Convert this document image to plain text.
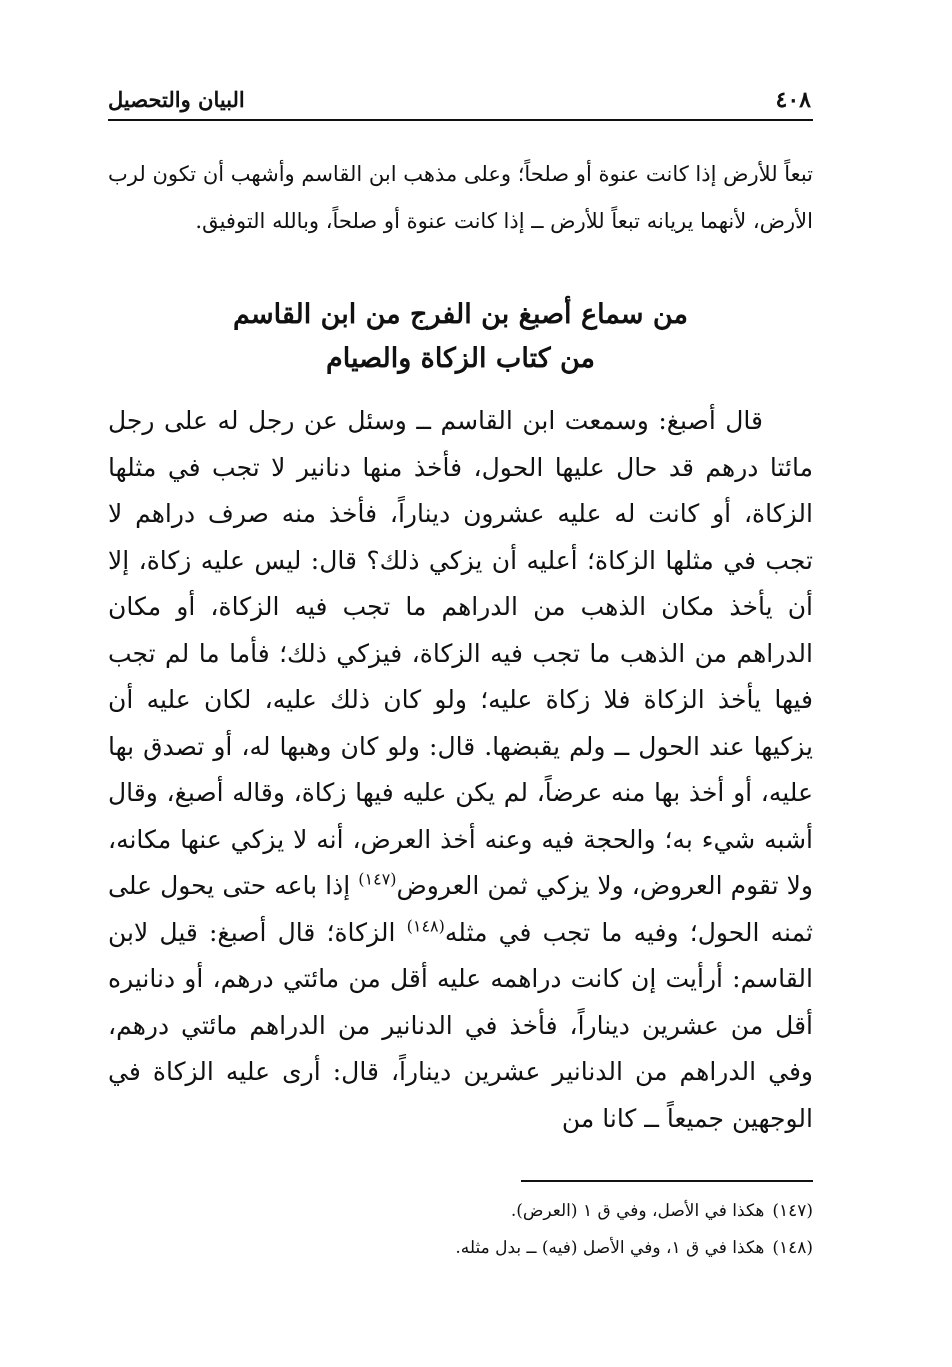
٤٠٨
البيان والتحصيل

تبعاً للأرض إذا كانت عنوة أو صلحاً؛ وعلى مذهب ابن القاسم وأشهب أن تكون لرب الأرض، لأنهما يريانه تبعاً للأرض ــ إذا كانت عنوة أو صلحاً، وبالله التوفيق.

من سماع أصبغ بن الفرج من ابن القاسم
من كتاب الزكاة والصيام

قال أصبغ: وسمعت ابن القاسم ــ وسئل عن رجل له على رجل مائتا درهم قد حال عليها الحول، فأخذ منها دنانير لا تجب في مثلها الزكاة، أو كانت له عليه عشرون ديناراً، فأخذ منه صرف دراهم لا تجب في مثلها الزكاة؛ أعليه أن يزكي ذلك؟ قال: ليس عليه زكاة، إلا أن يأخذ مكان الذهب من الدراهم ما تجب فيه الزكاة، أو مكان الدراهم من الذهب ما تجب فيه الزكاة، فيزكي ذلك؛ فأما ما لم تجب فيها يأخذ الزكاة فلا زكاة عليه؛ ولو كان ذلك عليه، لكان عليه أن يزكيها عند الحول ــ ولم يقبضها. قال: ولو كان وهبها له، أو تصدق بها عليه، أو أخذ بها منه عرضاً، لم يكن عليه فيها زكاة، وقاله أصبغ، وقال أشبه شيء به؛ والحجة فيه وعنه أخذ العرض، أنه لا يزكي عنها مكانه، ولا تقوم العروض، ولا يزكي ثمن العروض$^{(١٤٧)}$ إذا باعه حتى يحول على ثمنه الحول؛ وفيه ما تجب في مثله$^{(١٤٨)}$ الزكاة؛ قال أصبغ: قيل لابن القاسم: أرأيت إن كانت دراهمه عليه أقل من مائتي درهم، أو دنانيره أقل من عشرين ديناراً، فأخذ في الدنانير من الدراهم مائتي درهم، وفي الدراهم من الدنانير عشرين ديناراً، قال: أرى عليه الزكاة في الوجهين جميعاً ــ كانا من

(١٤٧)هكذا في الأصل، وفي ق ١ (العرض).

(١٤٨)هكذا في ق ١، وفي الأصل (فيه) ــ بدل مثله.
